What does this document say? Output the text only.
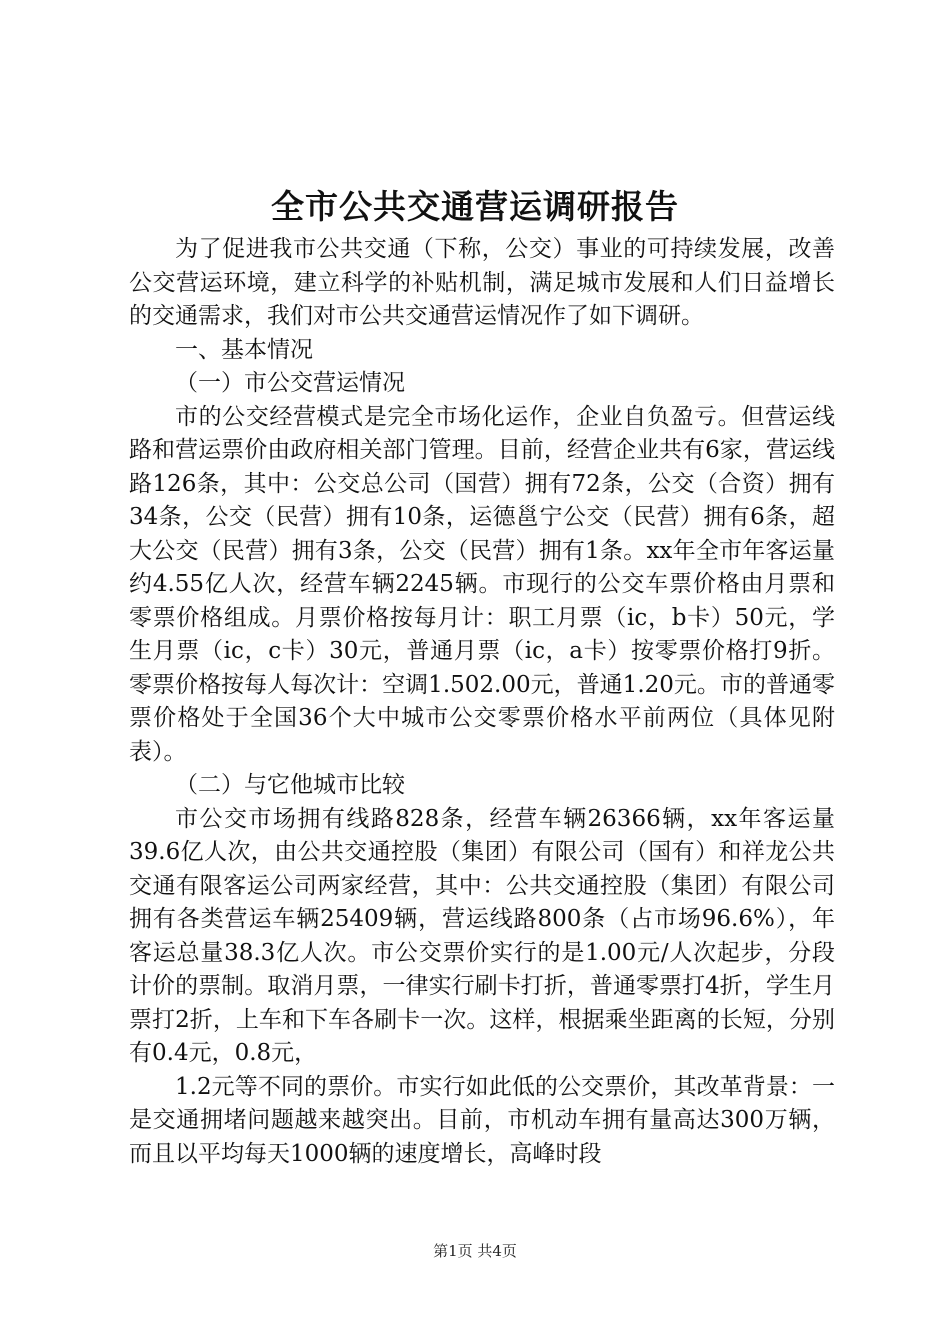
全市公共交通营运调研报告

为了促进我市公共交通（下称，公交）事业的可持续发展，改善公交营运环境，建立科学的补贴机制，满足城市发展和人们日益增长的交通需求，我们对市公共交通营运情况作了如下调研。

一、基本情况

（一）市公交营运情况

市的公交经营模式是完全市场化运作，企业自负盈亏。但营运线路和营运票价由政府相关部门管理。目前，经营企业共有6家，营运线路126条，其中：公交总公司（国营）拥有72条，公交（合资）拥有34条，公交（民营）拥有10条，运德邕宁公交（民营）拥有6条，超大公交（民营）拥有3条，公交（民营）拥有1条。xx年全市年客运量约4.55亿人次，经营车辆2245辆。市现行的公交车票价格由月票和零票价格组成。月票价格按每月计：职工月票（ic，b卡）50元，学生月票（ic，c卡）30元，普通月票（ic，a卡）按零票价格打9折。零票价格按每人每次计：空调1.502.00元，普通1.20元。市的普通零票价格处于全国36个大中城市公交零票价格水平前两位（具体见附表）。

（二）与它他城市比较

市公交市场拥有线路828条，经营车辆26366辆，xx年客运量39.6亿人次，由公共交通控股（集团）有限公司（国有）和祥龙公共交通有限客运公司两家经营，其中：公共交通控股（集团）有限公司拥有各类营运车辆25409辆，营运线路800条（占市场96.6%），年客运总量38.3亿人次。市公交票价实行的是1.00元/人次起步，分段计价的票制。取消月票，一律实行刷卡打折，普通零票打4折，学生月票打2折，上车和下车各刷卡一次。这样，根据乘坐距离的长短，分别有0.4元，0.8元，

1.2元等不同的票价。市实行如此低的公交票价，其改革背景：一是交通拥堵问题越来越突出。目前，市机动车拥有量高达300万辆，而且以平均每天1000辆的速度增长，高峰时段

第1页 共4页
